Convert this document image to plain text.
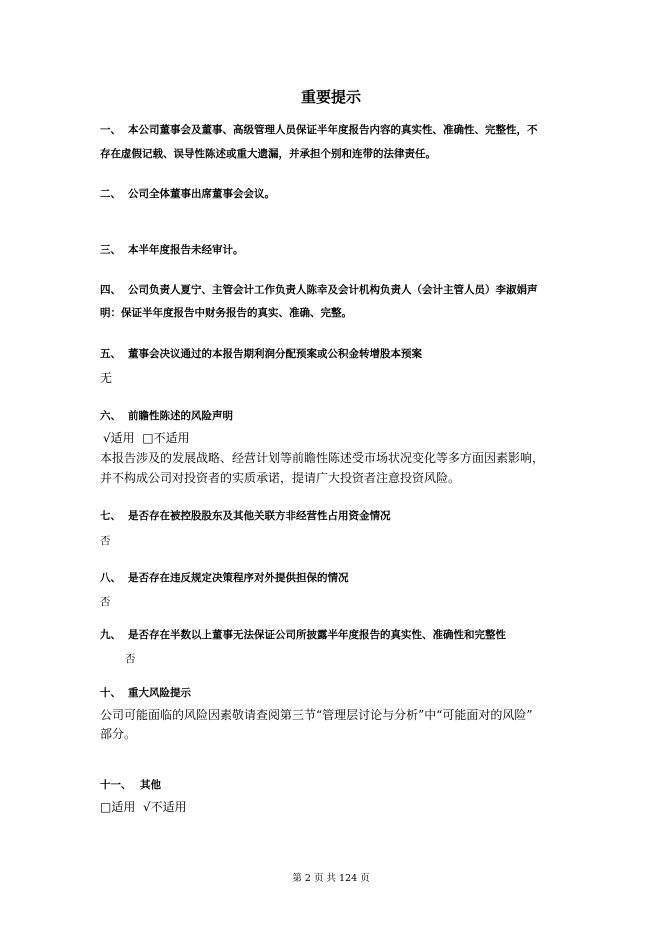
重要提示
一、 本公司董事会及董事、高级管理人员保证半年度报告内容的真实性、准确性、完整性，不
存在虚假记载、误导性陈述或重大遗漏，并承担个别和连带的法律责任。
二、 公司全体董事出席董事会会议。
三、 本半年度报告未经审计。
四、 公司负责人夏宁、主管会计工作负责人陈幸及会计机构负责人（会计主管人员）李淑娟声
明：保证半年度报告中财务报告的真实、准确、完整。
五、 董事会决议通过的本报告期利润分配预案或公积金转增股本预案
无
六、 前瞻性陈述的风险声明
√适用  □不适用
本报告涉及的发展战略、经营计划等前瞻性陈述受市场状况变化等多方面因素影响，
并不构成公司对投资者的实质承诺，提请广大投资者注意投资风险。
七、 是否存在被控股股东及其他关联方非经营性占用资金情况
否
八、 是否存在违反规定决策程序对外提供担保的情况
否
九、 是否存在半数以上董事无法保证公司所披露半年度报告的真实性、准确性和完整性
否
十、 重大风险提示
公司可能面临的风险因素敬请查阅第三节“管理层讨论与分析”中“可能面对的风险”
部分。
十一、 其他
□适用  √不适用
第 2 页 共 124 页
